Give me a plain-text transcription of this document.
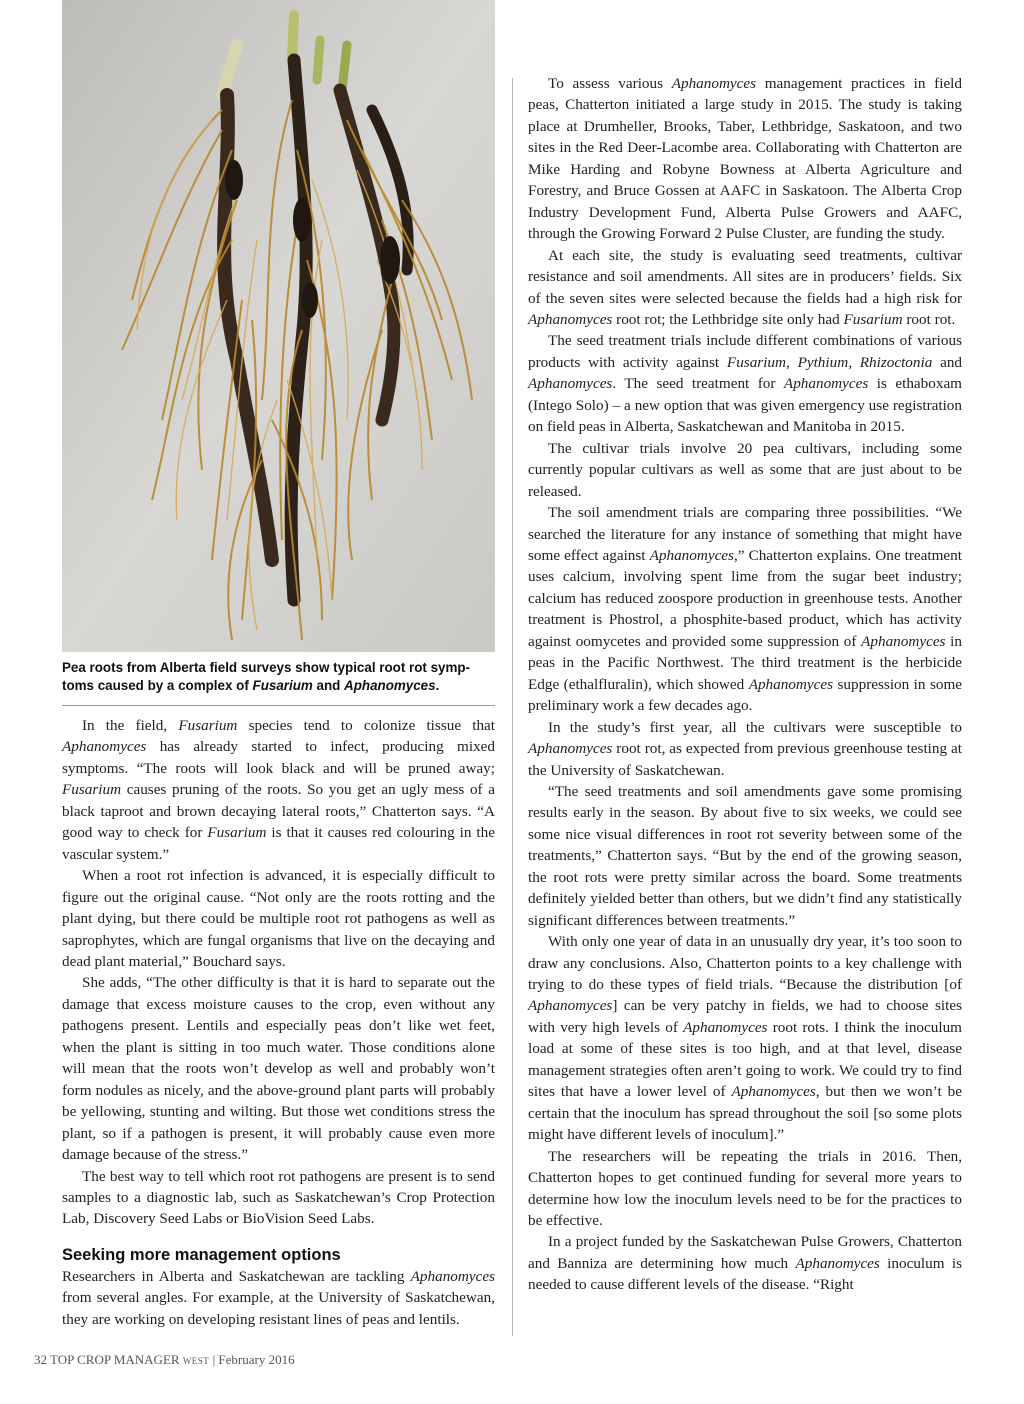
Pea roots from Alberta field surveys show typical root rot symp-toms caused by a complex of Fusarium and Aphanomyces.

In the field, Fusarium species tend to colonize tissue that Aphanomyces has already started to infect, producing mixed symptoms. “The roots will look black and will be pruned away; Fusarium causes pruning of the roots. So you get an ugly mess of a black taproot and brown decaying lateral roots,” Chatterton says. “A good way to check for Fusarium is that it causes red colouring in the vascular system.”

When a root rot infection is advanced, it is especially difficult to figure out the original cause. “Not only are the roots rotting and the plant dying, but there could be multiple root rot pathogens as well as saprophytes, which are fungal organisms that live on the decaying and dead plant material,” Bouchard says.

She adds, “The other difficulty is that it is hard to separate out the damage that excess moisture causes to the crop, even without any pathogens present. Lentils and especially peas don’t like wet feet, when the plant is sitting in too much water. Those conditions alone will mean that the roots won’t develop as well and probably won’t form nodules as nicely, and the above-ground plant parts will probably be yellowing, stunting and wilting. But those wet conditions stress the plant, so if a pathogen is present, it will probably cause even more damage because of the stress.”

The best way to tell which root rot pathogens are present is to send samples to a diagnostic lab, such as Saskatchewan’s Crop Protection Lab, Discovery Seed Labs or BioVision Seed Labs.

Seeking more management options

Researchers in Alberta and Saskatchewan are tackling Aphanomyces from several angles. For example, at the University of Saskatchewan, they are working on developing resistant lines of peas and lentils.

To assess various Aphanomyces management practices in field peas, Chatterton initiated a large study in 2015. The study is taking place at Drumheller, Brooks, Taber, Lethbridge, Saskatoon, and two sites in the Red Deer-Lacombe area. Collaborating with Chatterton are Mike Harding and Robyne Bowness at Alberta Agriculture and Forestry, and Bruce Gossen at AAFC in Saskatoon. The Alberta Crop Industry Development Fund, Alberta Pulse Growers and AAFC, through the Growing Forward 2 Pulse Cluster, are funding the study.

At each site, the study is evaluating seed treatments, cultivar resistance and soil amendments. All sites are in producers’ fields. Six of the seven sites were selected because the fields had a high risk for Aphanomyces root rot; the Lethbridge site only had Fusarium root rot.

The seed treatment trials include different combinations of various products with activity against Fusarium, Pythium, Rhizoctonia and Aphanomyces. The seed treatment for Aphanomyces is ethaboxam (Intego Solo) – a new option that was given emergency use registration on field peas in Alberta, Saskatchewan and Manitoba in 2015.

The cultivar trials involve 20 pea cultivars, including some currently popular cultivars as well as some that are just about to be released.

The soil amendment trials are comparing three possibilities. “We searched the literature for any instance of something that might have some effect against Aphanomyces,” Chatterton explains. One treatment uses calcium, involving spent lime from the sugar beet industry; calcium has reduced zoospore production in greenhouse tests. Another treatment is Phostrol, a phosphite-based product, which has activity against oomycetes and provided some suppression of Aphanomyces in peas in the Pacific Northwest. The third treatment is the herbicide Edge (ethalfluralin), which showed Aphanomyces suppression in some preliminary work a few decades ago.

In the study’s first year, all the cultivars were susceptible to Aphanomyces root rot, as expected from previous greenhouse testing at the University of Saskatchewan.

“The seed treatments and soil amendments gave some promising results early in the season. By about five to six weeks, we could see some nice visual differences in root rot severity between some of the treatments,” Chatterton says. “But by the end of the growing season, the root rots were pretty similar across the board. Some treatments definitely yielded better than others, but we didn’t find any statistically significant differences between treatments.”

With only one year of data in an unusually dry year, it’s too soon to draw any conclusions. Also, Chatterton points to a key challenge with trying to do these types of field trials. “Because the distribution [of Aphanomyces] can be very patchy in fields, we had to choose sites with very high levels of Aphanomyces root rots. I think the inoculum load at some of these sites is too high, and at that level, disease management strategies often aren’t going to work. We could try to find sites that have a lower level of Aphanomyces, but then we won’t be certain that the inoculum has spread throughout the soil [so some plots might have different levels of inoculum].”

The researchers will be repeating the trials in 2016. Then, Chatterton hopes to get continued funding for several more years to determine how low the inoculum levels need to be for the practices to be effective.

In a project funded by the Saskatchewan Pulse Growers, Chatterton and Banniza are determining how much Aphanomyces inoculum is needed to cause different levels of the disease. “Right

32 TOP CROP MANAGER WEST | February 2016
